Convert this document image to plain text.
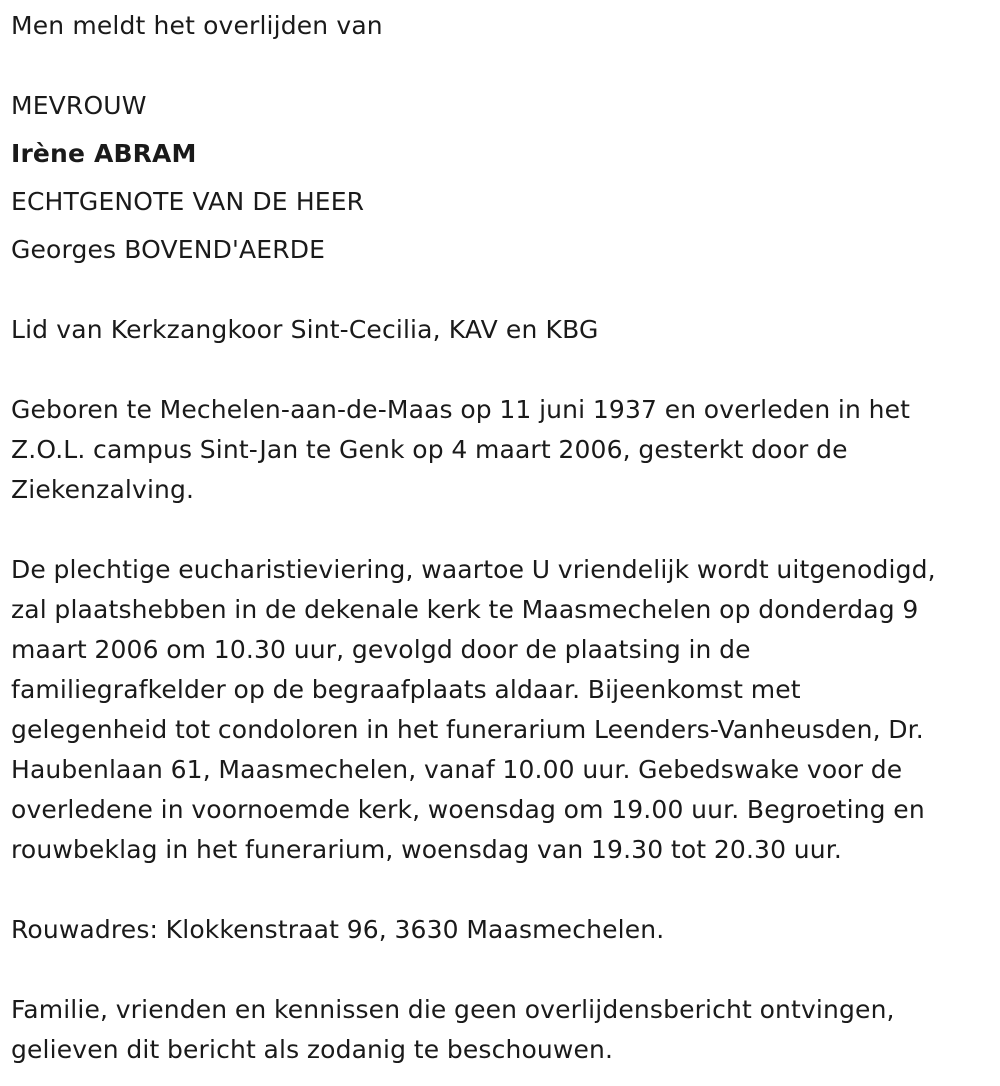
Men meldt het overlijden van

MEVROUW

Irène ABRAM

ECHTGENOTE VAN DE HEER

Georges BOVEND'AERDE

Lid van Kerkzangkoor Sint-Cecilia, KAV en KBG

Geboren te Mechelen-aan-de-Maas op 11 juni 1937 en overleden in het
Z.O.L. campus Sint-Jan te Genk op 4 maart 2006, gesterkt door de
Ziekenzalving.
De plechtige eucharistieviering, waartoe U vriendelijk wordt uitgenodigd,
zal plaatshebben in de dekenale kerk te Maasmechelen op donderdag 9
maart 2006 om 10.30 uur, gevolgd door de plaatsing in de
familiegrafkelder op de begraafplaats aldaar. Bijeenkomst met
gelegenheid tot condoloren in het funerarium Leenders-Vanheusden, Dr.
Haubenlaan 61, Maasmechelen, vanaf 10.00 uur. Gebedswake voor de
overledene in voornoemde kerk, woensdag om 19.00 uur. Begroeting en
rouwbeklag in het funerarium, woensdag van 19.30 tot 20.30 uur.
Rouwadres: Klokkenstraat 96, 3630 Maasmechelen.
Familie, vrienden en kennissen die geen overlijdensbericht ontvingen,
gelieven dit bericht als zodanig te beschouwen.
